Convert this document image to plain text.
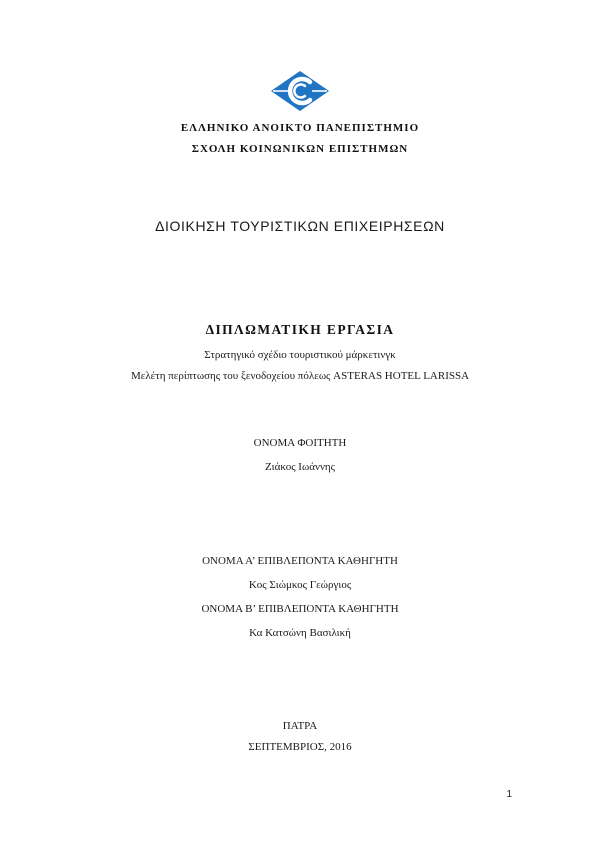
ΕΛΛΗΝΙΚΟ ΑΝΟΙΚΤΟ ΠΑΝΕΠΙΣΤΗΜΙΟ
ΣΧΟΛΗ ΚΟΙΝΩΝΙΚΩΝ ΕΠΙΣΤΗΜΩΝ
ΔΙΟΙΚΗΣΗ ΤΟΥΡΙΣΤΙΚΩΝ ΕΠΙΧΕΙΡΗΣΕΩΝ
ΔΙΠΛΩΜΑΤΙΚΗ ΕΡΓΑΣΙΑ
Στρατηγικό σχέδιο τουριστικού μάρκετινγκ
Μελέτη περίπτωσης του ξενοδοχείου πόλεως ASTERAS HOTEL LARISSA
ΟΝΟΜΑ ΦΟΙΤΗΤΗ
Ζιάκος Ιωάννης
ΟΝΟΜΑ Α’ ΕΠΙΒΛΕΠΟΝΤΑ ΚΑΘΗΓΗΤΗ
Κος Σιώμκος Γεώργιος
ΟΝΟΜΑ Β’ ΕΠΙΒΛΕΠΟΝΤΑ ΚΑΘΗΓΗΤΗ
Κα Κατσώνη Βασιλική
ΠΑΤΡΑ
ΣΕΠΤΕΜΒΡΙΟΣ, 2016
1
